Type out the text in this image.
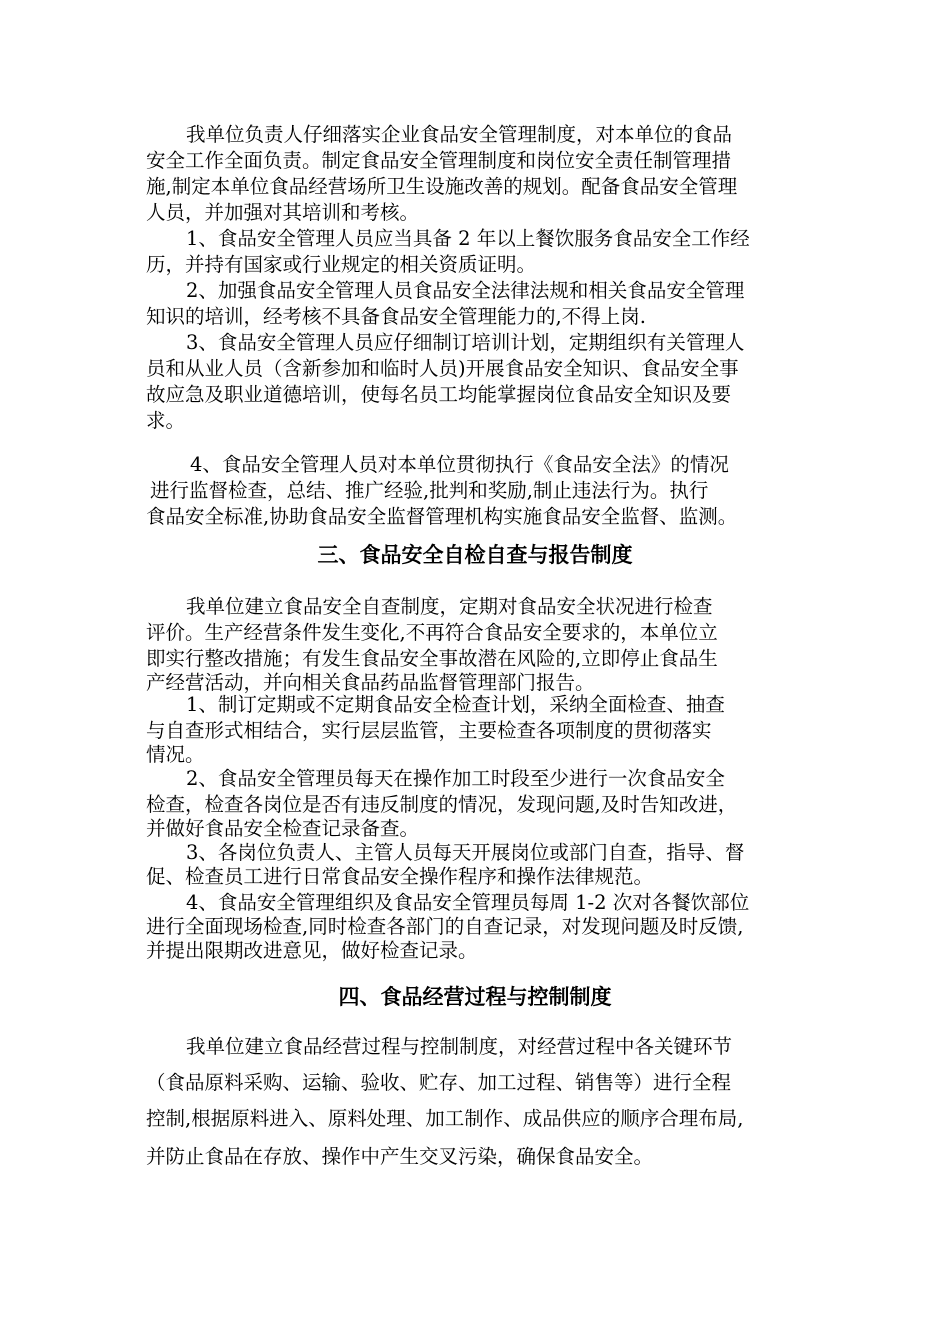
我单位负责人仔细落实企业食品安全管理制度，对本单位的食品
安全工作全面负责。制定食品安全管理制度和岗位安全责任制管理措
施,制定本单位食品经营场所卫生设施改善的规划。配备食品安全管理
人员，并加强对其培训和考核。
1、食品安全管理人员应当具备 2 年以上餐饮服务食品安全工作经
历，并持有国家或行业规定的相关资质证明。
2、加强食品安全管理人员食品安全法律法规和相关食品安全管理
知识的培训，经考核不具备食品安全管理能力的,不得上岗.
3、食品安全管理人员应仔细制订培训计划，定期组织有关管理人
员和从业人员（含新参加和临时人员)开展食品安全知识、食品安全事
故应急及职业道德培训，使每名员工均能掌握岗位食品安全知识及要
求。
4、食品安全管理人员对本单位贯彻执行《食品安全法》的情况
进行监督检查，总结、推广经验,批判和奖励,制止违法行为。执行
食品安全标准,协助食品安全监督管理机构实施食品安全监督、监测。
三、食品安全自检自查与报告制度
我单位建立食品安全自查制度，定期对食品安全状况进行检查
评价。生产经营条件发生变化,不再符合食品安全要求的，本单位立
即实行整改措施；有发生食品安全事故潜在风险的,立即停止食品生
产经营活动，并向相关食品药品监督管理部门报告。
1、制订定期或不定期食品安全检查计划，采纳全面检查、抽查
与自查形式相结合，实行层层监管，主要检查各项制度的贯彻落实
情况。
2、食品安全管理员每天在操作加工时段至少进行一次食品安全
检查，检查各岗位是否有违反制度的情况，发现问题,及时告知改进，
并做好食品安全检查记录备查。
3、各岗位负责人、主管人员每天开展岗位或部门自查，指导、督
促、检查员工进行日常食品安全操作程序和操作法律规范。
4、食品安全管理组织及食品安全管理员每周 1-2 次对各餐饮部位
进行全面现场检查,同时检查各部门的自查记录，对发现问题及时反馈,
并提出限期改进意见，做好检查记录。
四、食品经营过程与控制制度
我单位建立食品经营过程与控制制度，对经营过程中各关键环节
（食品原料采购、运输、验收、贮存、加工过程、销售等）进行全程
控制,根据原料进入、原料处理、加工制作、成品供应的顺序合理布局,
并防止食品在存放、操作中产生交叉污染，确保食品安全。
